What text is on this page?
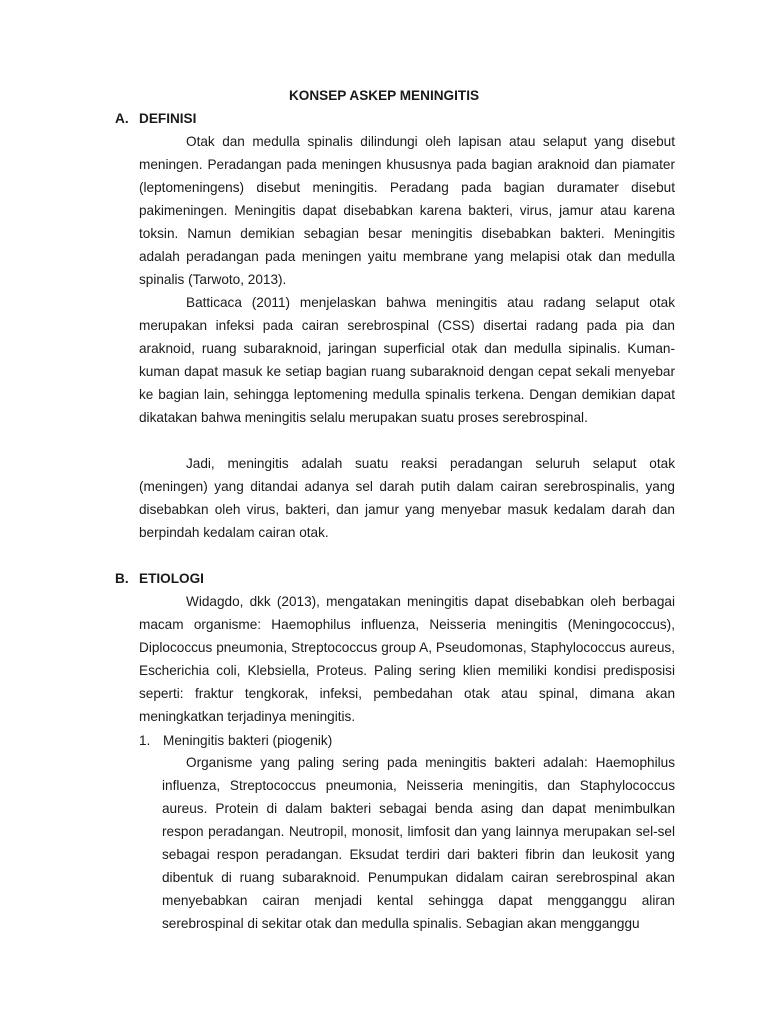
KONSEP ASKEP MENINGITIS
A. DEFINISI

Otak dan medulla spinalis dilindungi oleh lapisan atau selaput yang disebut meningen. Peradangan pada meningen khususnya pada bagian araknoid dan piamater (leptomeningens) disebut meningitis. Peradang pada bagian duramater disebut pakimeningen. Meningitis dapat disebabkan karena bakteri, virus, jamur atau karena toksin. Namun demikian sebagian besar meningitis disebabkan bakteri. Meningitis adalah peradangan pada meningen yaitu membrane yang melapisi otak dan medulla spinalis (Tarwoto, 2013).

Batticaca (2011) menjelaskan bahwa meningitis atau radang selaput otak merupakan infeksi pada cairan serebrospinal (CSS) disertai radang pada pia dan araknoid, ruang subaraknoid, jaringan superficial otak dan medulla sipinalis. Kuman-kuman dapat masuk ke setiap bagian ruang subaraknoid dengan cepat sekali menyebar ke bagian lain, sehingga leptomening medulla spinalis terkena. Dengan demikian dapat dikatakan bahwa meningitis selalu merupakan suatu proses serebrospinal.

Jadi, meningitis adalah suatu reaksi peradangan seluruh selaput otak (meningen) yang ditandai adanya sel darah putih dalam cairan serebrospinalis, yang disebabkan oleh virus, bakteri, dan jamur yang menyebar masuk kedalam darah dan berpindah kedalam cairan otak.

B. ETIOLOGI

Widagdo, dkk (2013), mengatakan meningitis dapat disebabkan oleh berbagai macam organisme: Haemophilus influenza, Neisseria meningitis (Meningococcus), Diplococcus pneumonia, Streptococcus group A, Pseudomonas, Staphylococcus aureus, Escherichia coli, Klebsiella, Proteus. Paling sering klien memiliki kondisi predisposisi seperti: fraktur tengkorak, infeksi, pembedahan otak atau spinal, dimana akan meningkatkan terjadinya meningitis.

1. Meningitis bakteri (piogenik)

Organisme yang paling sering pada meningitis bakteri adalah: Haemophilus influenza, Streptococcus pneumonia, Neisseria meningitis, dan Staphylococcus aureus. Protein di dalam bakteri sebagai benda asing dan dapat menimbulkan respon peradangan. Neutropil, monosit, limfosit dan yang lainnya merupakan sel-sel sebagai respon peradangan. Eksudat terdiri dari bakteri fibrin dan leukosit yang dibentuk di ruang subaraknoid. Penumpukan didalam cairan serebrospinal akan menyebabkan cairan menjadi kental sehingga dapat mengganggu aliran serebrospinal di sekitar otak dan medulla spinalis. Sebagian akan mengganggu
